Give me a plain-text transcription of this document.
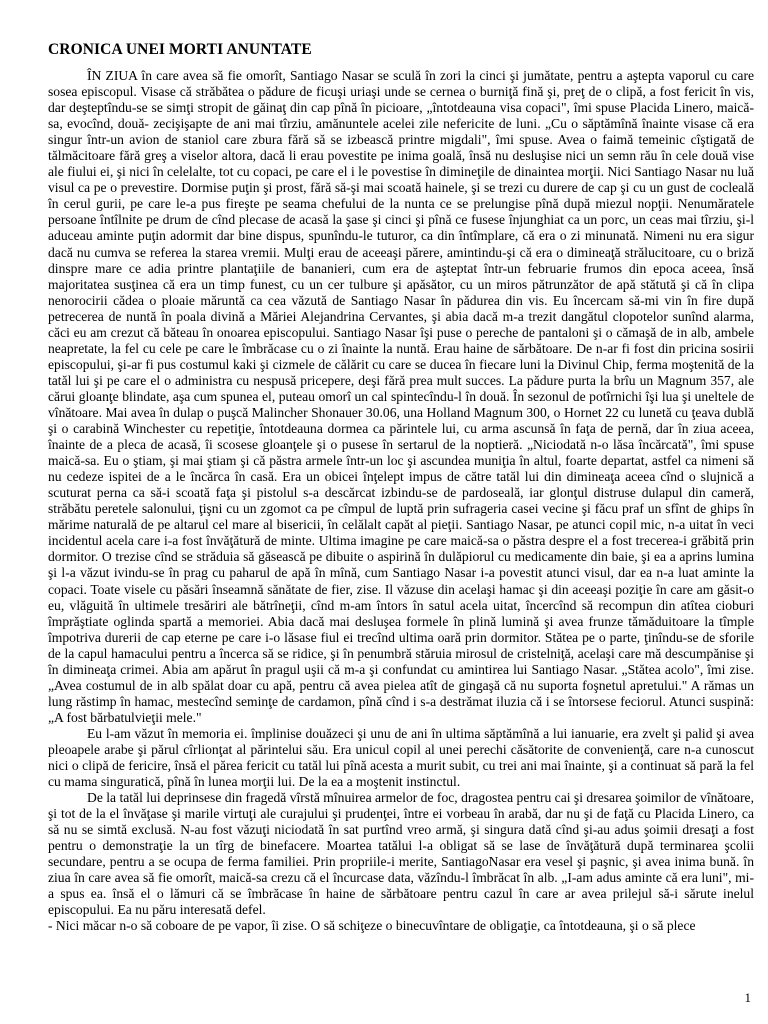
CRONICA UNEI MORTI ANUNTATE

ÎN ZIUA în care avea să fie omorît, Santiago Nasar se sculă în zori la cinci şi jumătate, pentru a aştepta vaporul cu care sosea episcopul. Visase că străbătea o pădure de ficuşi uriaşi unde se cernea o burniţă fină şi, preţ de o clipă, a fost fericit în vis, dar deşteptîndu-se se simţi stropit de găinaţ din cap pînă în picioare, „întotdeauna visa copaci", îmi spuse Placida Linero, maică-sa, evocînd, două- zecişişapte de ani mai tîrziu, amănuntele acelei zile nefericite de luni. „Cu o săptămînă înainte visase că era singur într-un avion de staniol care zbura fără să se izbească printre migdali", îmi spuse. Avea o faimă temeinic cîştigată de tălmăcitoare fără greş a viselor altora, dacă li erau povestite pe inima goală, însă nu desluşise nici un semn rău în cele două vise ale fiului ei, şi nici în celelalte, tot cu copaci, pe care el i le povestise în dimineţile de dinaintea morţii. Nici Santiago Nasar nu luă visul ca pe o prevestire. Dormise puţin şi prost, fără să-şi mai scoată hainele, şi se trezi cu durere de cap şi cu un gust de cocleală în cerul gurii, pe care le-a pus fireşte pe seama chefului de la nunta ce se prelungise pînă după miezul nopţii. Nenumăratele persoane întîlnite pe drum de cînd plecase de acasă la şase şi cinci şi pînă ce fusese înjunghiat ca un porc, un ceas mai tîrziu, şi-l aduceau aminte puţin adormit dar bine dispus, spunîndu-le tuturor, ca din întîmplare, că era o zi minunată. Nimeni nu era sigur dacă nu cumva se referea la starea vremii. Mulţi erau de aceeaşi părere, amintindu-şi că era o dimineaţă strălucitoare, cu o briză dinspre mare ce adia printre plantaţiile de bananieri, cum era de aşteptat într-un februarie frumos din epoca aceea, însă majoritatea susţinea că era un timp funest, cu un cer tulbure şi apăsător, cu un miros pătrunzător de apă stătută şi că în clipa nenorocirii cădea o ploaie măruntă ca cea văzută de Santiago Nasar în pădurea din vis. Eu încercam să-mi vin în fire după petrecerea de nuntă în poala divină a Măriei Alejandrina Cervantes, şi abia dacă m-a trezit dangătul clopotelor sunînd alarma, căci eu am crezut că băteau în onoarea episcopului. Santiago Nasar îşi puse o pereche de pantaloni şi o cămaşă de in alb, ambele neapretate, la fel cu cele pe care le îmbrăcase cu o zi înainte la nuntă. Erau haine de sărbătoare. De n-ar fi fost din pricina sosirii episcopului, şi-ar fi pus costumul kaki şi cizmele de călărit cu care se ducea în fiecare luni la Divinul Chip, ferma moştenită de la tatăl lui şi pe care el o administra cu nespusă pricepere, deşi fără prea mult succes. La pădure purta la brîu un Magnum 357, ale cărui gloanţe blindate, aşa cum spunea el, puteau omorî un cal spintecîndu-l în două. În sezonul de potîrnichi îşi lua şi uneltele de vînătoare. Mai avea în dulap o puşcă Malincher Shonauer 30.06, una Holland Magnum 300, o Hornet 22 cu lunetă cu ţeava dublă şi o carabină Winchester cu repetiţie, întotdeauna dormea ca părintele lui, cu arma ascunsă în faţa de pernă, dar în ziua aceea, înainte de a pleca de acasă, îi scosese gloanţele şi o pusese în sertarul de la noptieră. „Niciodată n-o lăsa încărcată", îmi spuse maică-sa. Eu o ştiam, şi mai ştiam şi că păstra armele într-un loc şi ascundea muniţia în altul, foarte departat, astfel ca nimeni să nu cedeze ispitei de a le încărca în casă. Era un obicei înţelept impus de către tatăl lui din dimineaţa aceea cînd o slujnică a scuturat perna ca să-i scoată faţa şi pistolul s-a descărcat izbindu-se de pardoseală, iar glonţul distruse dulapul din cameră, străbătu peretele salonului, ţişni cu un zgomot ca pe cîmpul de luptă prin sufrageria casei vecine şi făcu praf un sfînt de ghips în mărime naturală de pe altarul cel mare al bisericii, în celălalt capăt al pieţii. Santiago Nasar, pe atunci copil mic, n-a uitat în veci incidentul acela care i-a fost învăţătură de minte. Ultima imagine pe care maică-sa o păstra despre el a fost trecerea-i grăbită prin dormitor. O trezise cînd se străduia să găsească pe dibuite o aspirină în dulăpiorul cu medicamente din baie, şi ea a aprins lumina şi l-a văzut ivindu-se în prag cu paharul de apă în mînă, cum Santiago Nasar i-a povestit atunci visul, dar ea n-a luat aminte la copaci. Toate visele cu păsări înseamnă sănătate de fier, zise. Il văzuse din acelaşi hamac şi din aceeaşi poziţie în care am găsit-o eu, vlăguită în ultimele tresăriri ale bătrîneţii, cînd m-am întors în satul acela uitat, încercînd să recompun din atîtea cioburi împrăştiate oglinda spartă a memoriei. Abia dacă mai desluşea formele în plină lumină şi avea frunze tămăduitoare la tîmple împotriva durerii de cap eterne pe care i-o lăsase fiul ei trecînd ultima oară prin dormitor. Stătea pe o parte, ţinîndu-se de sforile de la capul hamacului pentru a încerca să se ridice, şi în penumbră stăruia mirosul de cristelniţă, acelaşi care mă descumpănise şi în dimineaţa crimei. Abia am apărut în pragul uşii că m-a şi confundat cu amintirea lui Santiago Nasar. „Stătea acolo", îmi zise. „Avea costumul de in alb spălat doar cu apă, pentru că avea pielea atît de gingaşă că nu suporta foşnetul apretului." A rămas un lung răstimp în hamac, mestecînd seminţe de cardamon, pînă cînd i s-a destrămat iluzia că i se întorsese feciorul. Atunci suspină: „A fost bărbatulvieţii mele."

Eu l-am văzut în memoria ei. împlinise douăzeci şi unu de ani în ultima săptămînă a lui ianuarie, era zvelt şi palid şi avea pleoapele arabe şi părul cîrlionţat al părintelui său. Era unicul copil al unei perechi căsătorite de convenienţă, care n-a cunoscut nici o clipă de fericire, însă el părea fericit cu tatăl lui pînă acesta a murit subit, cu trei ani mai înainte, şi a continuat să pară la fel cu mama singuratică, pînă în lunea morţii lui. De la ea a moştenit instinctul.

De la tatăl lui deprinsese din fragedă vîrstă mînuirea armelor de foc, dragostea pentru cai şi dresarea şoimilor de vînătoare, şi tot de la el învăţase şi marile virtuţi ale curajului şi prudenţei, între ei vorbeau în arabă, dar nu şi de faţă cu Placida Linero, ca să nu se simtă exclusă. N-au fost văzuţi niciodată în sat purtînd vreo armă, şi singura dată cînd şi-au adus şoimii dresaţi a fost pentru o demonstraţie la un tîrg de binefacere. Moartea tatălui l-a obligat să se lase de învăţătură după terminarea şcolii secundare, pentru a se ocupa de ferma familiei. Prin propriile-i merite, SantiagoNasar era vesel şi paşnic, şi avea inima bună. în ziua în care avea să fie omorît, maică-sa crezu că el încurcase data, văzîndu-l îmbrăcat în alb. „I-am adus aminte că era luni", mi-a spus ea. însă el o lămuri că se îmbrăcase în haine de sărbătoare pentru cazul în care ar avea prilejul să-i sărute inelul episcopului. Ea nu păru interesată defel.

- Nici măcar n-o să coboare de pe vapor, îi zise. O să schiţeze o binecuvîntare de obligaţie, ca întotdeauna, şi o să plece

1
